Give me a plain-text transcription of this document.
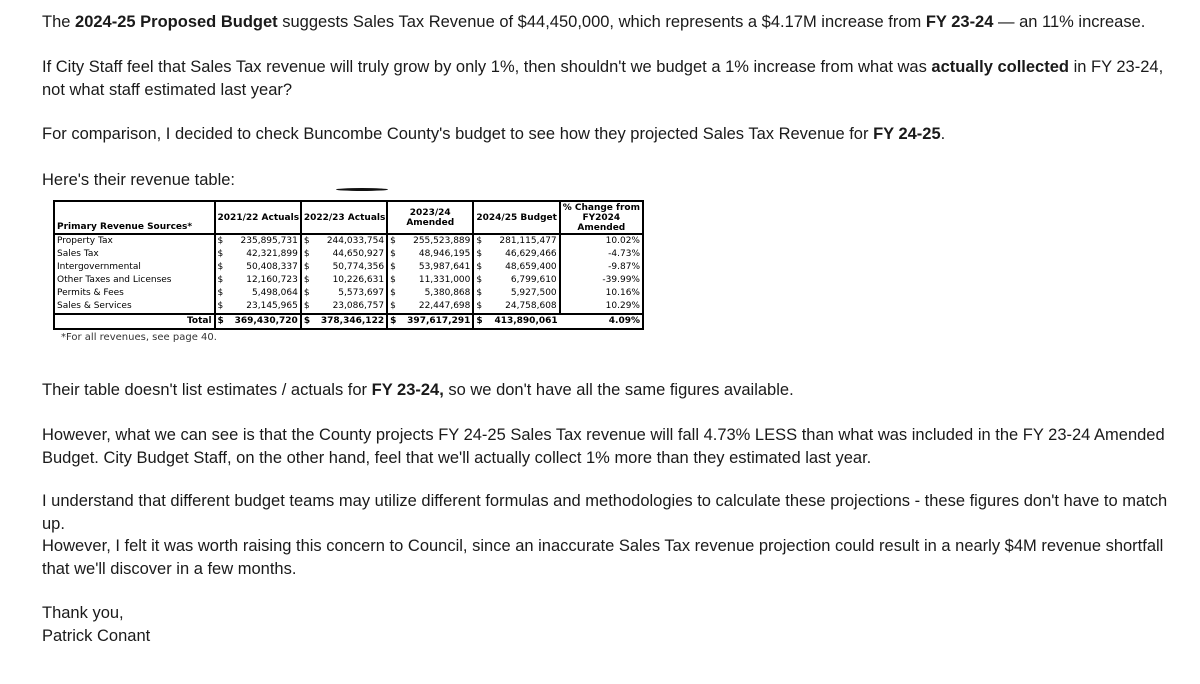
The 2024-25 Proposed Budget suggests Sales Tax Revenue of $44,450,000, which represents a $4.17M increase from FY 23-24 — an 11% increase.

If City Staff feel that Sales Tax revenue will truly grow by only 1%, then shouldn't we budget a 1% increase from what was actually collected in FY 23-24, not what staff estimated last year?

For comparison, I decided to check Buncombe County's budget to see how they projected Sales Tax Revenue for FY 24-25.

Here's their revenue table:

Primary Revenue Sources*	2021/22 Actuals		2022/23 Actuals		2023/24 Amended		2024/25 Budget		% Change from FY2024 Amended
Property Tax	$	235,895,731	$	244,033,754	$	255,523,889	$	281,115,477	10.02%
Sales Tax	$	42,321,899	$	44,650,927	$	48,946,195	$	46,629,466	-4.73%
Intergovernmental	$	50,408,337	$	50,774,356	$	53,987,641	$	48,659,400	-9.87%
Other Taxes and Licenses	$	12,160,723	$	10,226,631	$	11,331,000	$	6,799,610	-39.99%
Permits & Fees	$	5,498,064	$	5,573,697	$	5,380,868	$	5,927,500	10.16%
Sales & Services	$	23,145,965	$	23,086,757	$	22,447,698	$	24,758,608	10.29%
Total	$	369,430,720	$	378,346,122	$	397,617,291	$	413,890,061	4.09%
*For all revenues, see page 40.

Their table doesn't list estimates / actuals for FY 23-24, so we don't have all the same figures available.

However, what we can see is that the County projects FY 24-25 Sales Tax revenue will fall 4.73% LESS than what was included in the FY 23-24 Amended Budget. City Budget Staff, on the other hand, feel that we'll actually collect 1% more than they estimated last year.

I understand that different budget teams may utilize different formulas and methodologies to calculate these projections - these figures don't have to match up.

However, I felt it was worth raising this concern to Council, since an inaccurate Sales Tax revenue projection could result in a nearly $4M revenue shortfall that we'll discover in a few months.

Thank you,
Patrick Conant
